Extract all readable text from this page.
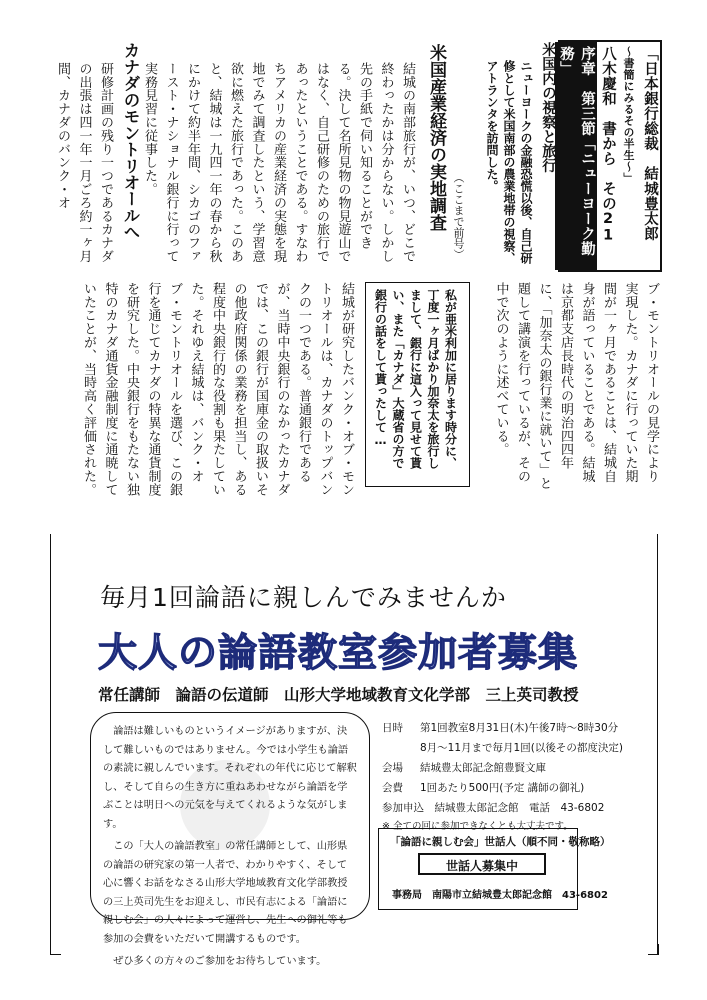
「日本銀行総裁　結城豊太郎
～書簡にみるその半生～」
八木慶和　書から　その21
序章　第三節「ニューヨーク勤務」
米国内の視察と旅行
ニューヨークの金融恐慌以後、自己研修として米国南部の農業地帯の視察、アトランタを訪問した。
（ここまで前号）
米国産業経済の実地調査
結城の南部旅行が、いつ、どこで終わったかは分からない。しかし先の手紙で伺い知ることができる。決して名所見物の物見遊山ではなく、自己研修のための旅行であったということである。すなわちアメリカの産業経済の実態を現地でみて調査したという、学習意欲に燃えた旅行であった。このあと、結城は一九四一年の春から秋にかけて約半年間、シカゴのファースト・ナショナル銀行に行って実務見習に従事した。
カナダのモントリオールへ
研修計画の残り一つであるカナダの出張は四一年一月ごろ約一ヶ月間、カナダのバンク・オ
ブ・モントリオールの見学により実現した。カナダに行っていた期間が一ヶ月であることは、結城自身が語っていることである。結城は京都支店長時代の明治四四年に、「加奈太の銀行業に就いて」と題して講演を行っているが、その中で次のように述べている。
私が亜米利加に居ります時分に、丁度一ヶ月ばかり加奈太を旅行しまして、銀行に這入って見せて貰い、また「カナダ」大蔵省の方で銀行の話をして貰ったして…
結城が研究したバンク・オブ・モントリオールは、カナダのトップバンクの一つである。普通銀行であるが、当時中央銀行のなかったカナダでは、この銀行が国庫金の取扱いその他政府関係の業務を担当し、ある程度中央銀行的な役割も果たしていた。それゆえ結城は、バンク・オブ・モントリオールを選び、この銀行を通じてカナダの特異な通貨制度を研究した。中央銀行をもたない独特のカナダ通貨金融制度に通暁していたことが、当時高く評価された。
毎月1回論語に親しんでみませんか
大人の論語教室参加者募集
常任講師　論語の伝道師　山形大学地域教育文化学部　三上英司教授

論語は難しいものというイメージがありますが、決して難しいものではありません。今では小学生も論語の素読に親しんでいます。それぞれの年代に応じて解釈し、そして自らの生き方に重ねあわせながら論語を学ぶことは明日への元気を与えてくれるような気がします。

この「大人の論語教室」の常任講師として、山形県の論語の研究家の第一人者で、わかりやすく、そして心に響くお話をなさる山形大学地域教育文化学部教授の三上英司先生をお迎えし、市民有志による「論語に親しむ会」の人々によって運営し、先生への御礼等も参加の会費をいただいて開講するものです。

ぜひ多くの方々のご参加をお待ちしています。

日時 第1回教室8月31日(木)午後7時～8時30分
8月～11月まで毎月1回(以後その都度決定)
会場 結城豊太郎記念館豊賢文庫
会費 1回あたり500円(予定 講師の御礼)
参加申込　結城豊太郎記念館　電話　43-6802
※ 全ての回に参加できなくとも大丈夫です。
「論語に親しむ会」世話人（順不同・敬称略）
世話人募集中
事務局　南陽市立結城豊太郎記念館　43-6802
